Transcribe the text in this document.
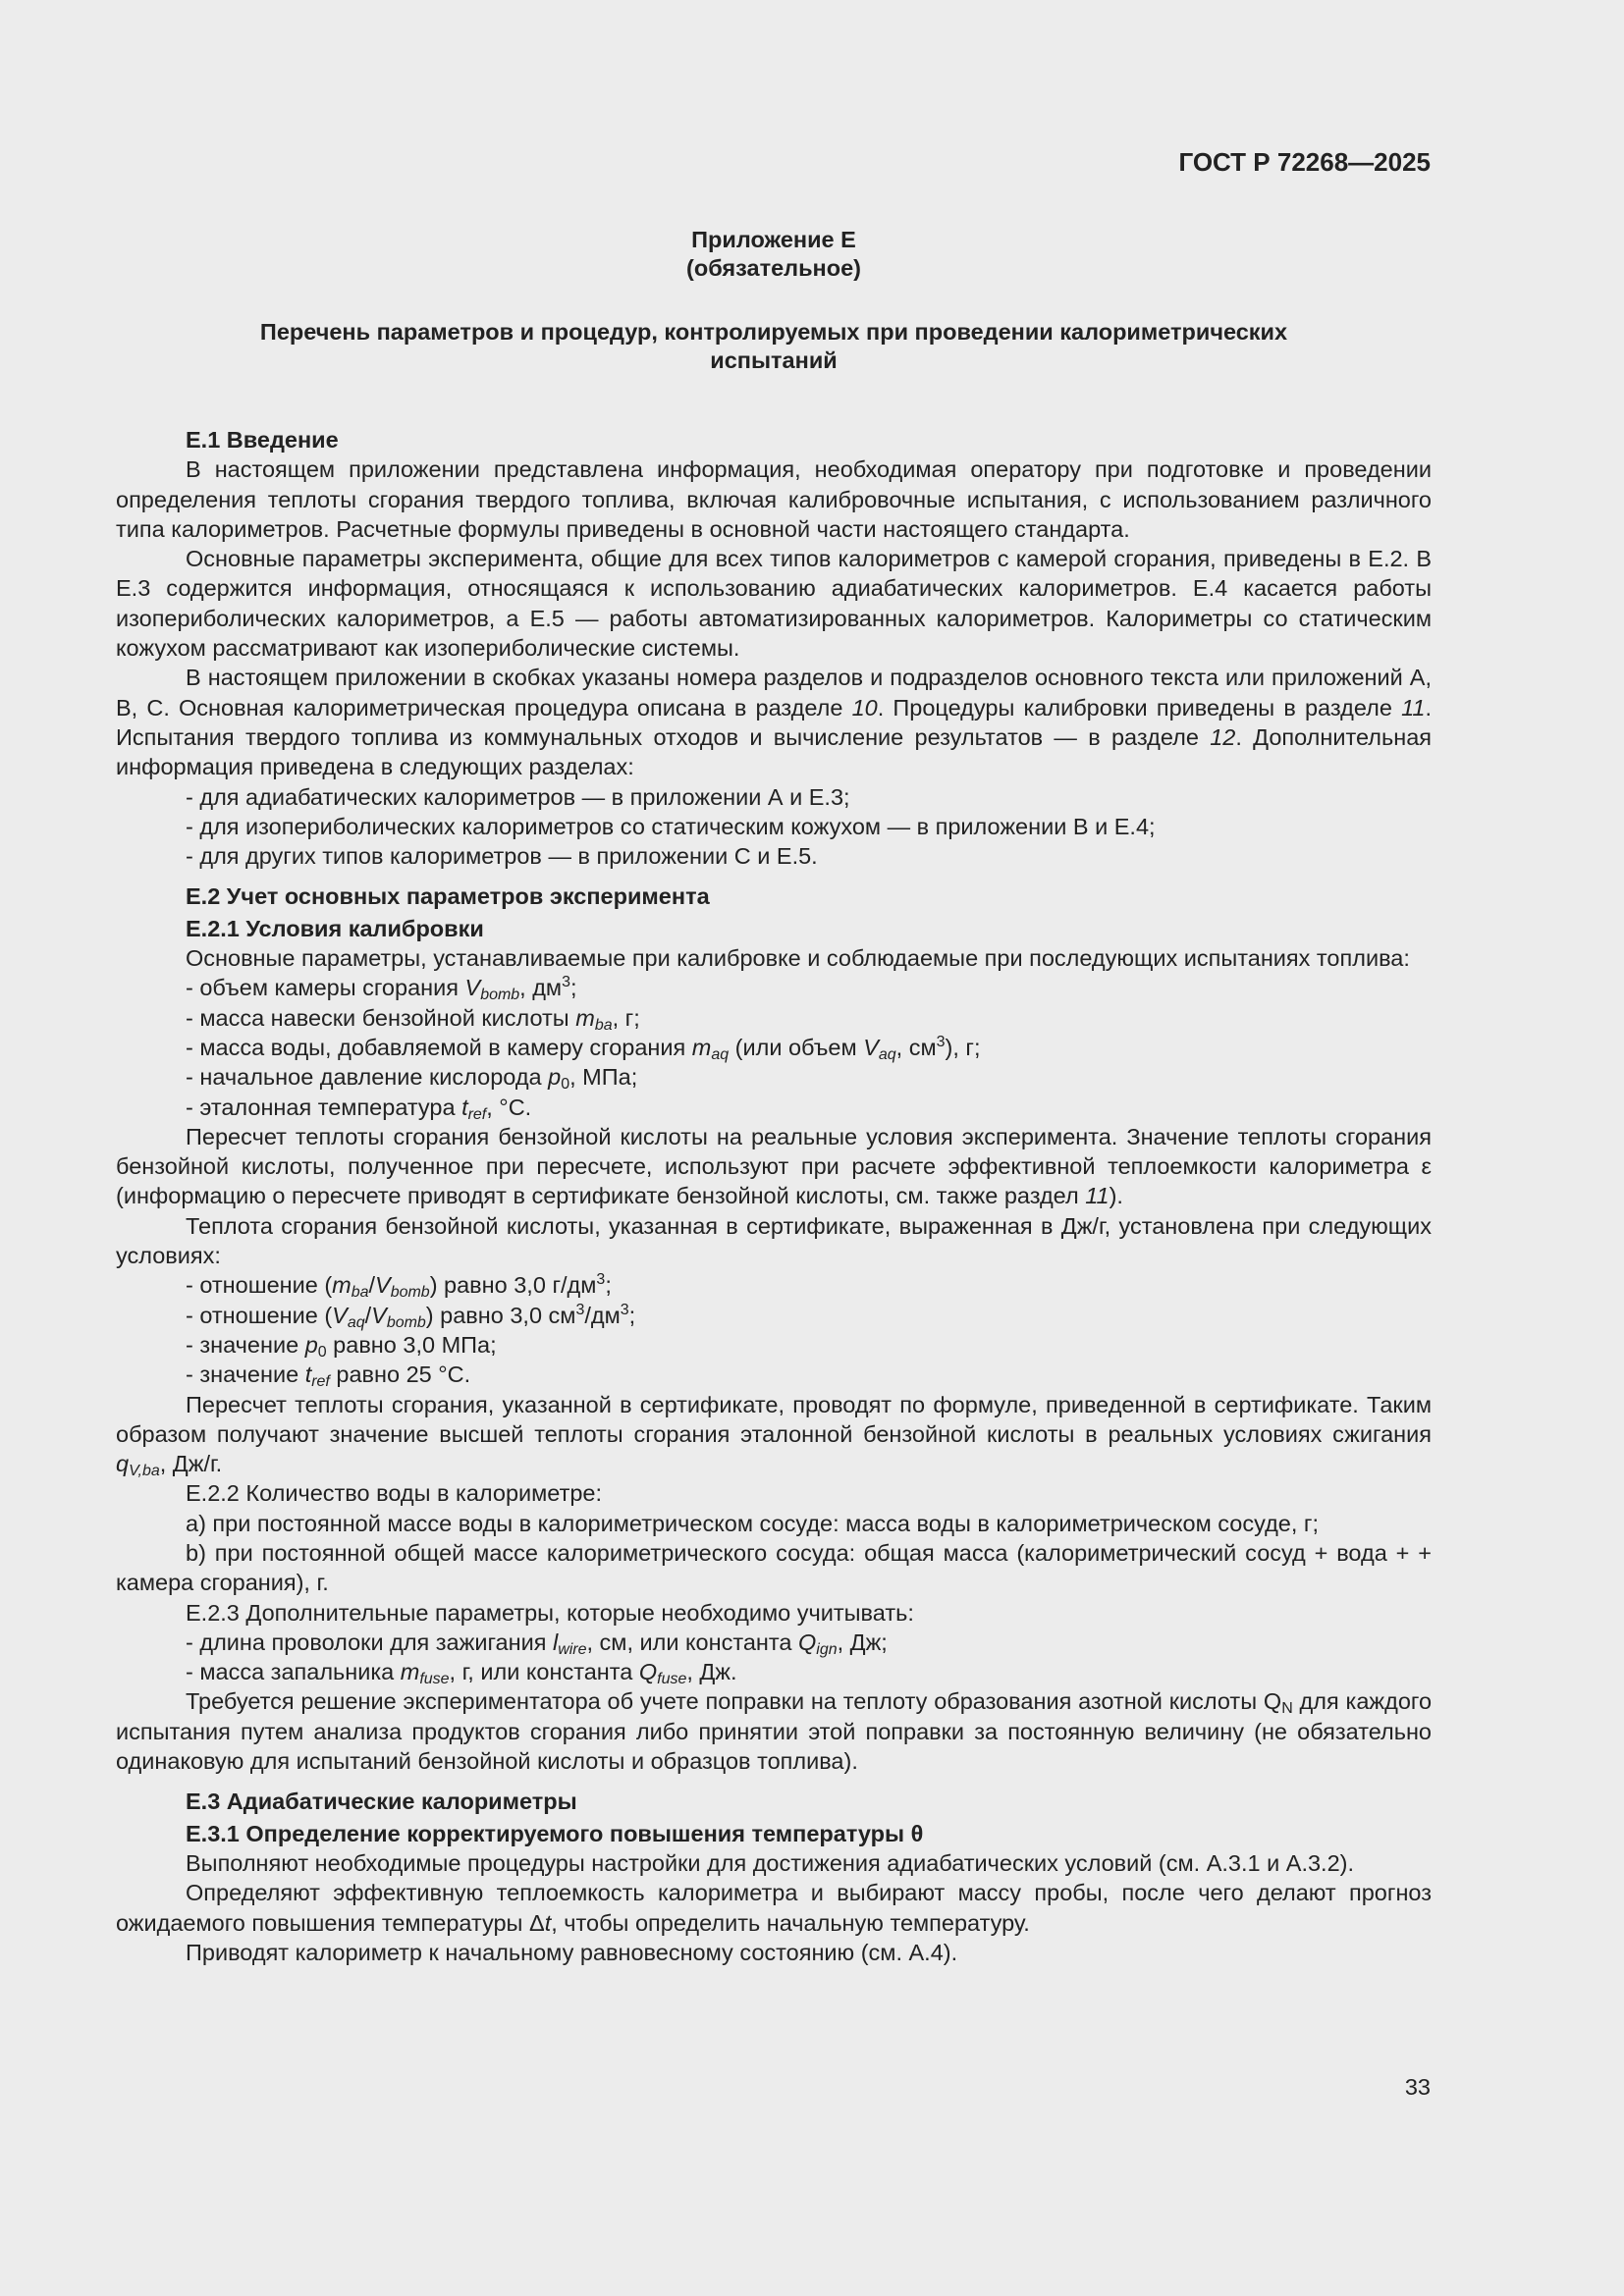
ГОСТ Р 72268—2025

Приложение Е
(обязательное)
Перечень параметров и процедур, контролируемых при проведении калориметрических
испытаний

Е.1 Введение

В настоящем приложении представлена информация, необходимая оператору при подготовке и проведении определения теплоты сгорания твердого топлива, включая калибровочные испытания, с использованием различного типа калориметров. Расчетные формулы приведены в основной части настоящего стандарта.

Основные параметры эксперимента, общие для всех типов калориметров с камерой сгорания, приведены в Е.2. В Е.3 содержится информация, относящаяся к использованию адиабатических калориметров. Е.4 касается работы изопериболических калориметров, а Е.5 — работы автоматизированных калориметров. Калориметры со статическим кожухом рассматривают как изопериболические системы.

В настоящем приложении в скобках указаны номера разделов и подразделов основного текста или приложений А, В, С. Основная калориметрическая процедура описана в разделе 10. Процедуры калибровки приведены в разделе 11. Испытания твердого топлива из коммунальных отходов и вычисление результатов — в разделе 12. Дополнительная информация приведена в следующих разделах:

- для адиабатических калориметров — в приложении А и Е.3;

- для изопериболических калориметров со статическим кожухом — в приложении В и Е.4;

- для других типов калориметров — в приложении С и Е.5.

Е.2 Учет основных параметров эксперимента

Е.2.1 Условия калибровки

Основные параметры, устанавливаемые при калибровке и соблюдаемые при последующих испытаниях топлива:

- объем камеры сгорания $V_{bomb}$, $дм^3$;

- масса навески бензойной кислоты $m_{ba}$, г;

- масса воды, добавляемой в камеру сгорания $m_{aq}$ (или объем $V_{aq}$, $см^3$), г;

- начальное давление кислорода $p_0$, МПа;

- эталонная температура $t_{ref}$, °С.

Пересчет теплоты сгорания бензойной кислоты на реальные условия эксперимента. Значение теплоты сгорания бензойной кислоты, полученное при пересчете, используют при расчете эффективной теплоемкости калориметра ε (информацию о пересчете приводят в сертификате бензойной кислоты, см. также раздел 11).

Теплота сгорания бензойной кислоты, указанная в сертификате, выраженная в Дж/г, установлена при следующих условиях:

- отношение $(m_{ba}/V_{bomb})$ равно 3,0 $г/дм^3$;

- отношение $(V_{aq}/V_{bomb})$ равно 3,0 $см^3/дм^3$;

- значение $p_0$ равно 3,0 МПа;

- значение $t_{ref}$ равно 25 °С.

Пересчет теплоты сгорания, указанной в сертификате, проводят по формуле, приведенной в сертификате. Таким образом получают значение высшей теплоты сгорания эталонной бензойной кислоты в реальных условиях сжигания $q_{V,ba}$, Дж/г.

Е.2.2 Количество воды в калориметре:

a) при постоянной массе воды в калориметрическом сосуде: масса воды в калориметрическом сосуде, г;

b) при постоянной общей массе калориметрического сосуда: общая масса (калориметрический сосуд + вода + + камера сгорания), г.

Е.2.3 Дополнительные параметры, которые необходимо учитывать:

- длина проволоки для зажигания $l_{wire}$, см, или константа $Q_{ign}$, Дж;

- масса запальника $m_{fuse}$, г, или константа $Q_{fuse}$, Дж.

Требуется решение экспериментатора об учете поправки на теплоту образования азотной кислоты $Q_N$ для каждого испытания путем анализа продуктов сгорания либо принятии этой поправки за постоянную величину (не обязательно одинаковую для испытаний бензойной кислоты и образцов топлива).

Е.3 Адиабатические калориметры

Е.3.1 Определение корректируемого повышения температуры θ

Выполняют необходимые процедуры настройки для достижения адиабатических условий (см. А.3.1 и А.3.2).

Определяют эффективную теплоемкость калориметра и выбирают массу пробы, после чего делают прогноз ожидаемого повышения температуры Δt, чтобы определить начальную температуру.

Приводят калориметр к начальному равновесному состоянию (см. А.4).

33
